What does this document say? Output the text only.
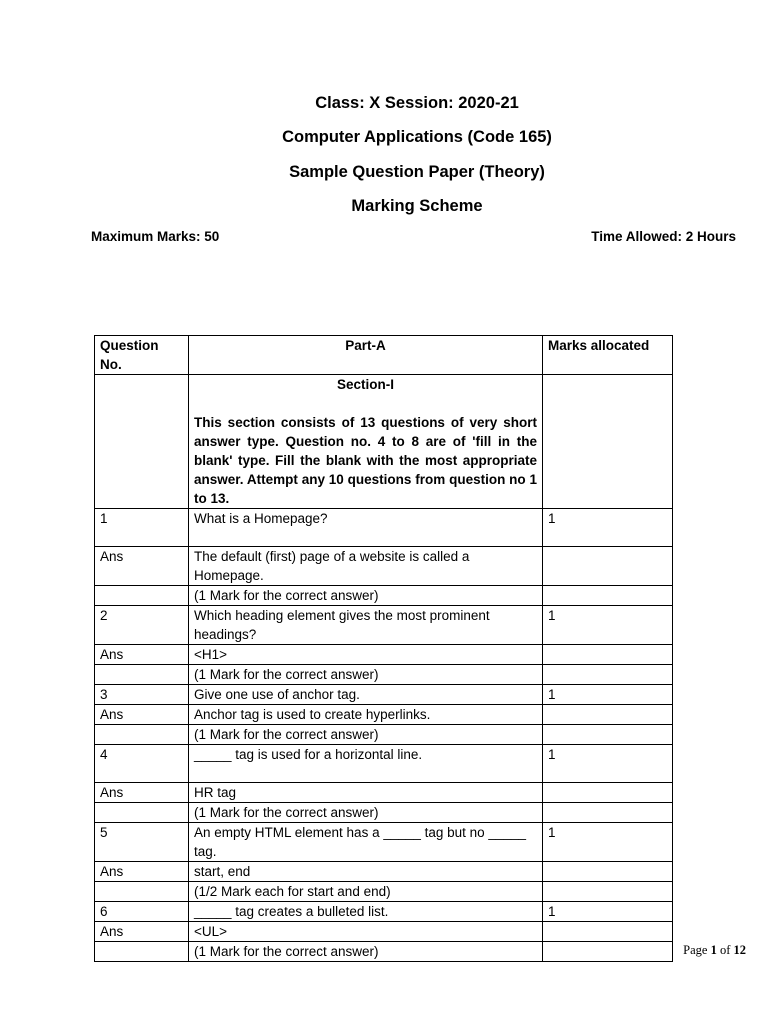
Class: X Session: 2020-21
Computer Applications (Code 165)
Sample Question Paper (Theory)
Marking Scheme
Maximum Marks: 50	Time Allowed: 2 Hours
Question No.	Part-A	Marks allocated

	Section-I
This section consists of 13 questions of very short answer type. Question no. 4 to 8 are of 'fill in the blank' type. Fill the blank with the most appropriate answer. Attempt any 10 questions from question no 1 to 13.	

1	What is a Homepage?	1
Ans	The default (first) page of a website is called a Homepage.	
	(1 Mark for the correct answer)	
2	Which heading element gives the most prominent headings?	1
Ans	<H1>	
	(1 Mark for the correct answer)	
3	Give one use of anchor tag.	1
Ans	Anchor tag is used to create hyperlinks.	
	(1 Mark for the correct answer)	
4	_____ tag is used for a horizontal line.	1
Ans	HR tag	
	(1 Mark for the correct answer)	
5	An empty HTML element has a _____ tag but no _____ tag.	1
Ans	start, end	
	(1/2 Mark each for start and end)	
6	_____ tag creates a bulleted list.	1
Ans	<UL>	
	(1 Mark for the correct answer)		Page 1 of 12
